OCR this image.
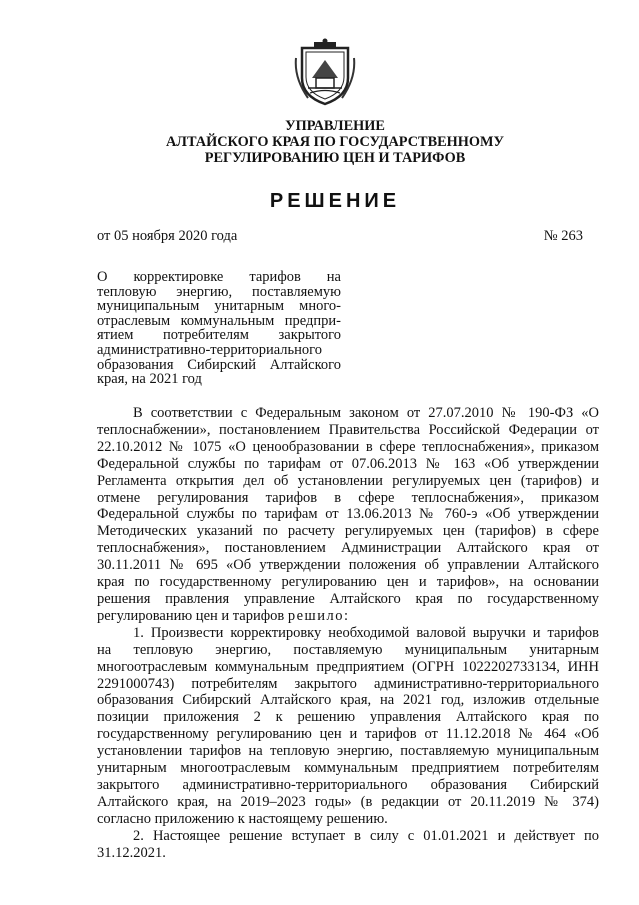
УПРАВЛЕНИЕ
АЛТАЙСКОГО КРАЯ ПО ГОСУДАРСТВЕННОМУ
РЕГУЛИРОВАНИЮ ЦЕН И ТАРИФОВ
РЕШЕНИЕ
от 05 ноября 2020 года	№ 263
О корректировке тарифов на
тепловую энергию, поставляемую
муниципальным унитарным много-
отраслевым коммунальным предпри-
ятием потребителям закрытого
административно-территориального
образования Сибирский Алтайского
края, на 2021 год
В соответствии с Федеральным законом от 27.07.2010 № 190-ФЗ «О
теплоснабжении», постановлением Правительства Российской Федерации от
22.10.2012 № 1075 «О ценообразовании в сфере теплоснабжения», приказом
Федеральной службы по тарифам от 07.06.2013 № 163 «Об утверждении
Регламента открытия дел об установлении регулируемых цен (тарифов) и
отмене регулирования тарифов в сфере теплоснабжения», приказом
Федеральной службы по тарифам от 13.06.2013 № 760-э «Об утверждении
Методических указаний по расчету регулируемых цен (тарифов) в сфере
теплоснабжения», постановлением Администрации Алтайского края от
30.11.2011 № 695 «Об утверждении положения об управлении Алтайского
края по государственному регулированию цен и тарифов», на основании
решения правления управление Алтайского края по государственному
регулированию цен и тарифов решило:
1. Произвести корректировку необходимой валовой выручки и тарифов
на тепловую энергию, поставляемую муниципальным унитарным
многоотраслевым коммунальным предприятием (ОГРН 1022202733134, ИНН
2291000743) потребителям закрытого административно-территориального
образования Сибирский Алтайского края, на 2021 год, изложив отдельные
позиции приложения 2 к решению управления Алтайского края по
государственному регулированию цен и тарифов от 11.12.2018 № 464 «Об
установлении тарифов на тепловую энергию, поставляемую муниципальным
унитарным многоотраслевым коммунальным предприятием потребителям
закрытого административно-территориального образования Сибирский
Алтайского края, на 2019–2023 годы» (в редакции от 20.11.2019 № 374)
согласно приложению к настоящему решению.
2. Настоящее решение вступает в силу с 01.01.2021 и действует по
31.12.2021.
